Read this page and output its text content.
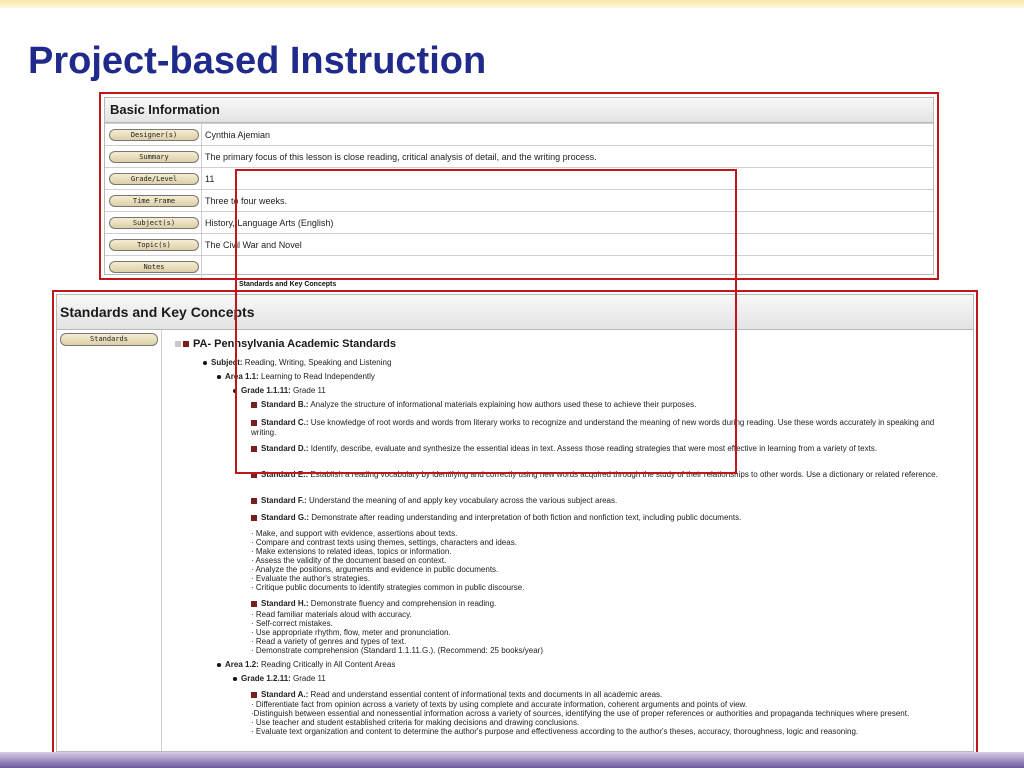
Project-based Instruction
Basic Information
Designer(s)	Cynthia Ajemian
Summary	The primary focus of this lesson is close reading, critical analysis of detail, and the writing process.
Grade/Level	11
Time Frame	Three to four weeks.
Subject(s)	History, Language Arts (English)
Topic(s)	The Civil War and Novel
Notes
Standards and Key Concepts
Standards	PA- Pennsylvania Academic Standards
Subject: Reading, Writing, Speaking and Listening
Area 1.1: Learning to Read Independently
Grade 1.1.11: Grade 11
Standard B.: Analyze the structure of informational materials explaining how authors used these to achieve their purposes.
Standard C.: Use knowledge of root words and words from literary works to recognize and understand the meaning of new words during reading. Use these words accurately in speaking and writing.
Standard D.: Identify, describe, evaluate and synthesize the essential ideas in text. Assess those reading strategies that were most effective in learning from a variety of texts.
Standard E.: Establish a reading vocabulary by identifying and correctly using new words acquired through the study of their relationships to other words. Use a dictionary or related reference.
Standard F.: Understand the meaning of and apply key vocabulary across the various subject areas.
Standard G.: Demonstrate after reading understanding and interpretation of both fiction and nonfiction text, including public documents.
· Make, and support with evidence, assertions about texts.
· Compare and contrast texts using themes, settings, characters and ideas.
· Make extensions to related ideas, topics or information.
· Assess the validity of the document based on context.
· Analyze the positions, arguments and evidence in public documents.
· Evaluate the author's strategies.
· Critique public documents to identify strategies common in public discourse.
Standard H.: Demonstrate fluency and comprehension in reading.
· Read familiar materials aloud with accuracy.
· Self-correct mistakes.
· Use appropriate rhythm, flow, meter and pronunciation.
· Read a variety of genres and types of text.
· Demonstrate comprehension (Standard 1.1.11.G.). (Recommend: 25 books/year)
Area 1.2: Reading Critically in All Content Areas
Grade 1.2.11: Grade 11
Standard A.: Read and understand essential content of informational texts and documents in all academic areas.
· Differentiate fact from opinion across a variety of texts by using complete and accurate information, coherent arguments and points of view.
·Distinguish between essential and nonessential information across a variety of sources, identifying the use of proper references or authorities and propaganda techniques where present.
· Use teacher and student established criteria for making decisions and drawing conclusions.
· Evaluate text organization and content to determine the author's purpose and effectiveness according to the author's theses, accuracy, thoroughness, logic and reasoning.
Standards and Key Concepts
